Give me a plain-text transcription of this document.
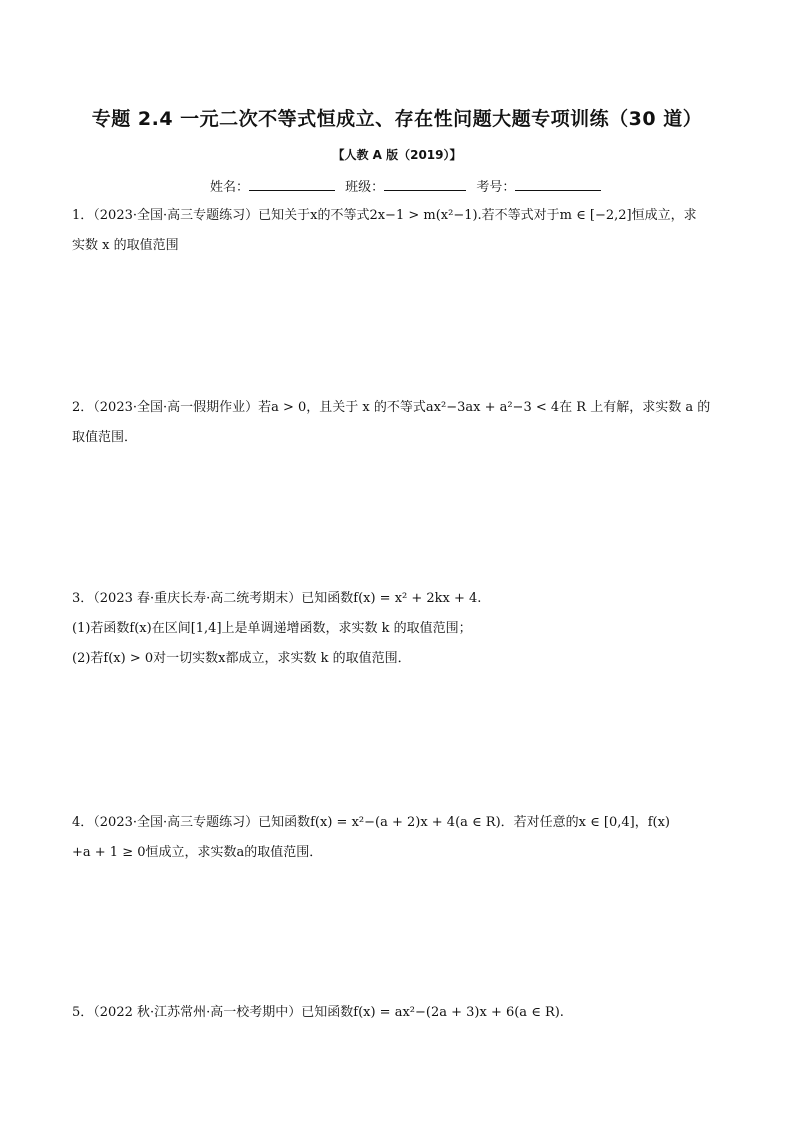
专题 2.4 一元二次不等式恒成立、存在性问题大题专项训练（30 道）
【人教 A 版（2019）】
姓名：	班级：	考号：

1．（2023·全国·高三专题练习）已知关于x的不等式2x−1 > m(x²−1).若不等式对于m ∈ [−2,2]恒成立，求

实数 x 的取值范围

2．（2023·全国·高一假期作业）若a > 0，且关于 x 的不等式ax²−3ax + a²−3 < 4在 R 上有解，求实数 a 的

取值范围．

3．（2023 春·重庆长寿·高二统考期末）已知函数f(x) = x² + 2kx + 4.

(1)若函数f(x)在区间[1,4]上是单调递增函数，求实数 k 的取值范围；

(2)若f(x) > 0对一切实数x都成立，求实数 k 的取值范围．

4．（2023·全国·高三专题练习）已知函数f(x) = x²−(a + 2)x + 4(a ∈ R)．若对任意的x ∈ [0,4]，f(x)

+a + 1 ≥ 0恒成立，求实数a的取值范围．

5．（2022 秋·江苏常州·高一校考期中）已知函数f(x) = ax²−(2a + 3)x + 6(a ∈ R).
